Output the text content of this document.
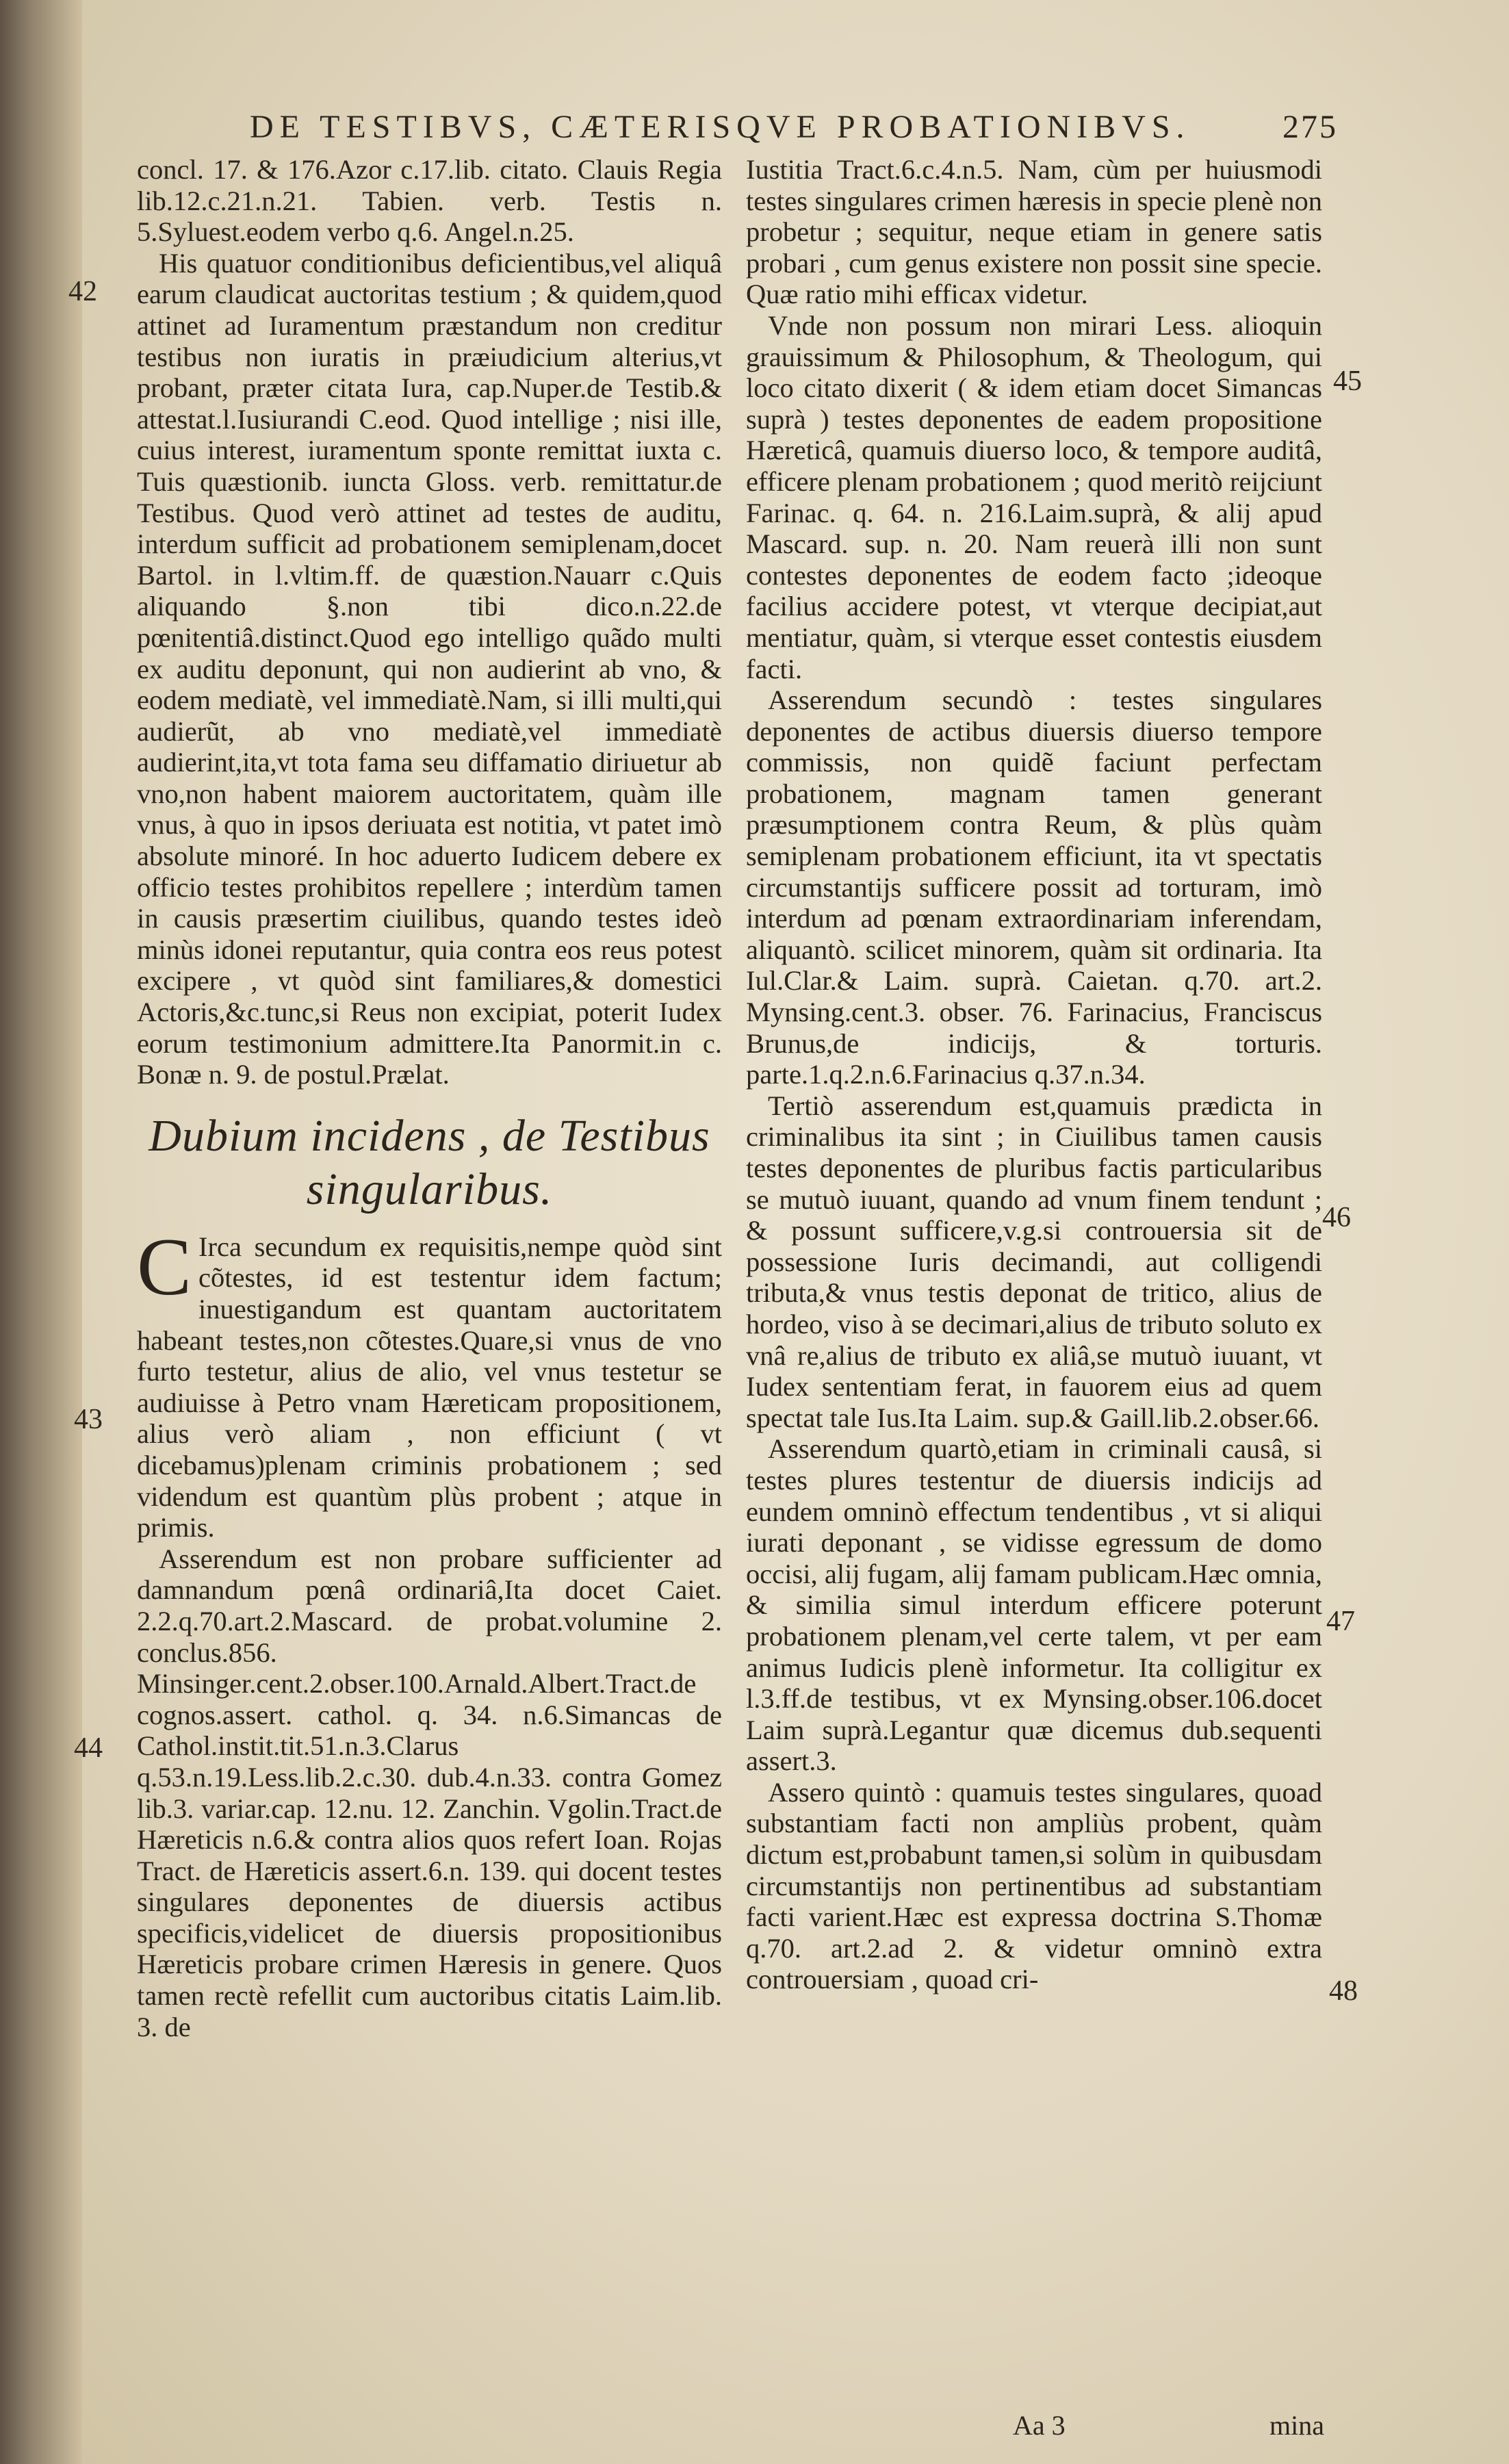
DE TESTIBVS, CÆTERISQVE PROBATIONIBVS.	275
42
43
44
45
46
47
48

concl. 17. & 176.Azor c.17.lib. citato. Clauis Regia lib.12.c.21.n.21. Tabien. verb. Testis n. 5.Syluest.eodem verbo q.6. Angel.n.25.

His quatuor conditionibus deficientibus,vel aliquâ earum claudicat auctoritas testium ; & quidem,quod attinet ad Iuramentum præstandum non creditur testibus non iuratis in præiudicium alterius,vt probant, præter citata Iura, cap.Nuper.de Testib.& attestat.l.Iusiurandi C.eod. Quod intellige ; nisi ille, cuius interest, iuramentum sponte remittat iuxta c. Tuis quæstionib. iuncta Gloss. verb. remittatur.de Testibus. Quod verò attinet ad testes de auditu, interdum sufficit ad probationem semiplenam,docet Bartol. in l.vltim.ff. de quæstion.Nauarr c.Quis aliquando §.non tibi dico.n.22.de pœnitentiâ.distinct.Quod ego intelligo quãdo multi ex auditu deponunt, qui non audierint ab vno, & eodem mediatè, vel immediatè.Nam, si illi multi,qui audierũt, ab vno mediatè,vel immediatè audierint,ita,vt tota fama seu diffamatio diriuetur ab vno,non habent maiorem auctoritatem, quàm ille vnus, à quo in ipsos deriuata est notitia, vt patet imò absolute minoré. In hoc aduerto Iudicem debere ex officio testes prohibitos repellere ; interdùm tamen in causis præsertim ciuilibus, quando testes ideò minùs idonei reputantur, quia contra eos reus potest excipere , vt quòd sint familiares,& domestici Actoris,&c.tunc,si Reus non excipiat, poterit Iudex eorum testimonium admittere.Ita Panormit.in c. Bonæ n. 9. de postul.Prælat.

Dubium incidens , de Testibus singularibus.

C Irca secundum ex requisitis,nempe quòd sint cõtestes, id est testentur idem factum; inuestigandum est quantam auctoritatem habeant testes,non cõtestes.Quare,si vnus de vno furto testetur, alius de alio, vel vnus testetur se audiuisse à Petro vnam Hæreticam propositionem, alius verò aliam , non efficiunt ( vt dicebamus)plenam criminis probationem ; sed videndum est quantùm plùs probent ; atque in primis.

Asserendum est non probare sufficienter ad damnandum pœnâ ordinariâ,Ita docet Caiet. 2.2.q.70.art.2.Mascard. de probat.volumine 2. conclus.856. Minsinger.cent.2.obser.100.Arnald.Albert.Tract.de cognos.assert. cathol. q. 34. n.6.Simancas de Cathol.instit.tit.51.n.3.Clarus q.53.n.19.Less.lib.2.c.30. dub.4.n.33. contra Gomez lib.3. variar.cap. 12.nu. 12. Zanchin. Vgolin.Tract.de Hæreticis n.6.& contra alios quos refert Ioan. Rojas Tract. de Hæreticis assert.6.n. 139. qui docent testes singulares deponentes de diuersis actibus specificis,videlicet de diuersis propositionibus Hæreticis probare crimen Hæresis in genere. Quos tamen rectè refellit cum auctoribus citatis Laim.lib. 3. de

Iustitia Tract.6.c.4.n.5. Nam, cùm per huiusmodi testes singulares crimen hæresis in specie plenè non probetur ; sequitur, neque etiam in genere satis probari , cum genus existere non possit sine specie. Quæ ratio mihi efficax videtur.

Vnde non possum non mirari Less. alioquin grauissimum & Philosophum, & Theologum, qui loco citato dixerit ( & idem etiam docet Simancas suprà ) testes deponentes de eadem propositione Hæreticâ, quamuis diuerso loco, & tempore auditâ, efficere plenam probationem ; quod meritò reijciunt Farinac. q. 64. n. 216.Laim.suprà, & alij apud Mascard. sup. n. 20. Nam reuerà illi non sunt contestes deponentes de eodem facto ;ideoque facilius accidere potest, vt vterque decipiat,aut mentiatur, quàm, si vterque esset contestis eiusdem facti.

Asserendum secundò : testes singulares deponentes de actibus diuersis diuerso tempore commissis, non quidẽ faciunt perfectam probationem, magnam tamen generant præsumptionem contra Reum, & plùs quàm semiplenam probationem efficiunt, ita vt spectatis circumstantijs sufficere possit ad torturam, imò interdum ad pœnam extraordinariam inferendam, aliquantò. scilicet minorem, quàm sit ordinaria. Ita Iul.Clar.& Laim. suprà. Caietan. q.70. art.2. Mynsing.cent.3. obser. 76. Farinacius, Franciscus Brunus,de indicijs, & torturis. parte.1.q.2.n.6.Farinacius q.37.n.34.

Tertiò asserendum est,quamuis prædicta in criminalibus ita sint ; in Ciuilibus tamen causis testes deponentes de pluribus factis particularibus se mutuò iuuant, quando ad vnum finem tendunt ; & possunt sufficere,v.g.si controuersia sit de possessione Iuris decimandi, aut colligendi tributa,& vnus testis deponat de tritico, alius de hordeo, viso à se decimari,alius de tributo soluto ex vnâ re,alius de tributo ex aliâ,se mutuò iuuant, vt Iudex sententiam ferat, in fauorem eius ad quem spectat tale Ius.Ita Laim. sup.& Gaill.lib.2.obser.66.

Asserendum quartò,etiam in criminali causâ, si testes plures testentur de diuersis indicijs ad eundem omninò effectum tendentibus , vt si aliqui iurati deponant , se vidisse egressum de domo occisi, alij fugam, alij famam publicam.Hæc omnia, & similia simul interdum efficere poterunt probationem plenam,vel certe talem, vt per eam animus Iudicis plenè informetur. Ita colligitur ex l.3.ff.de testibus, vt ex Mynsing.obser.106.docet Laim suprà.Legantur quæ dicemus dub.sequenti assert.3.

Assero quintò : quamuis testes singulares, quoad substantiam facti non ampliùs probent, quàm dictum est,probabunt tamen,si solùm in quibusdam circumstantijs non pertinentibus ad substantiam facti varient.Hæc est expressa doctrina S.Thomæ q.70. art.2.ad 2. & videtur omninò extra controuersiam , quoad cri-

Aa 3	mina
